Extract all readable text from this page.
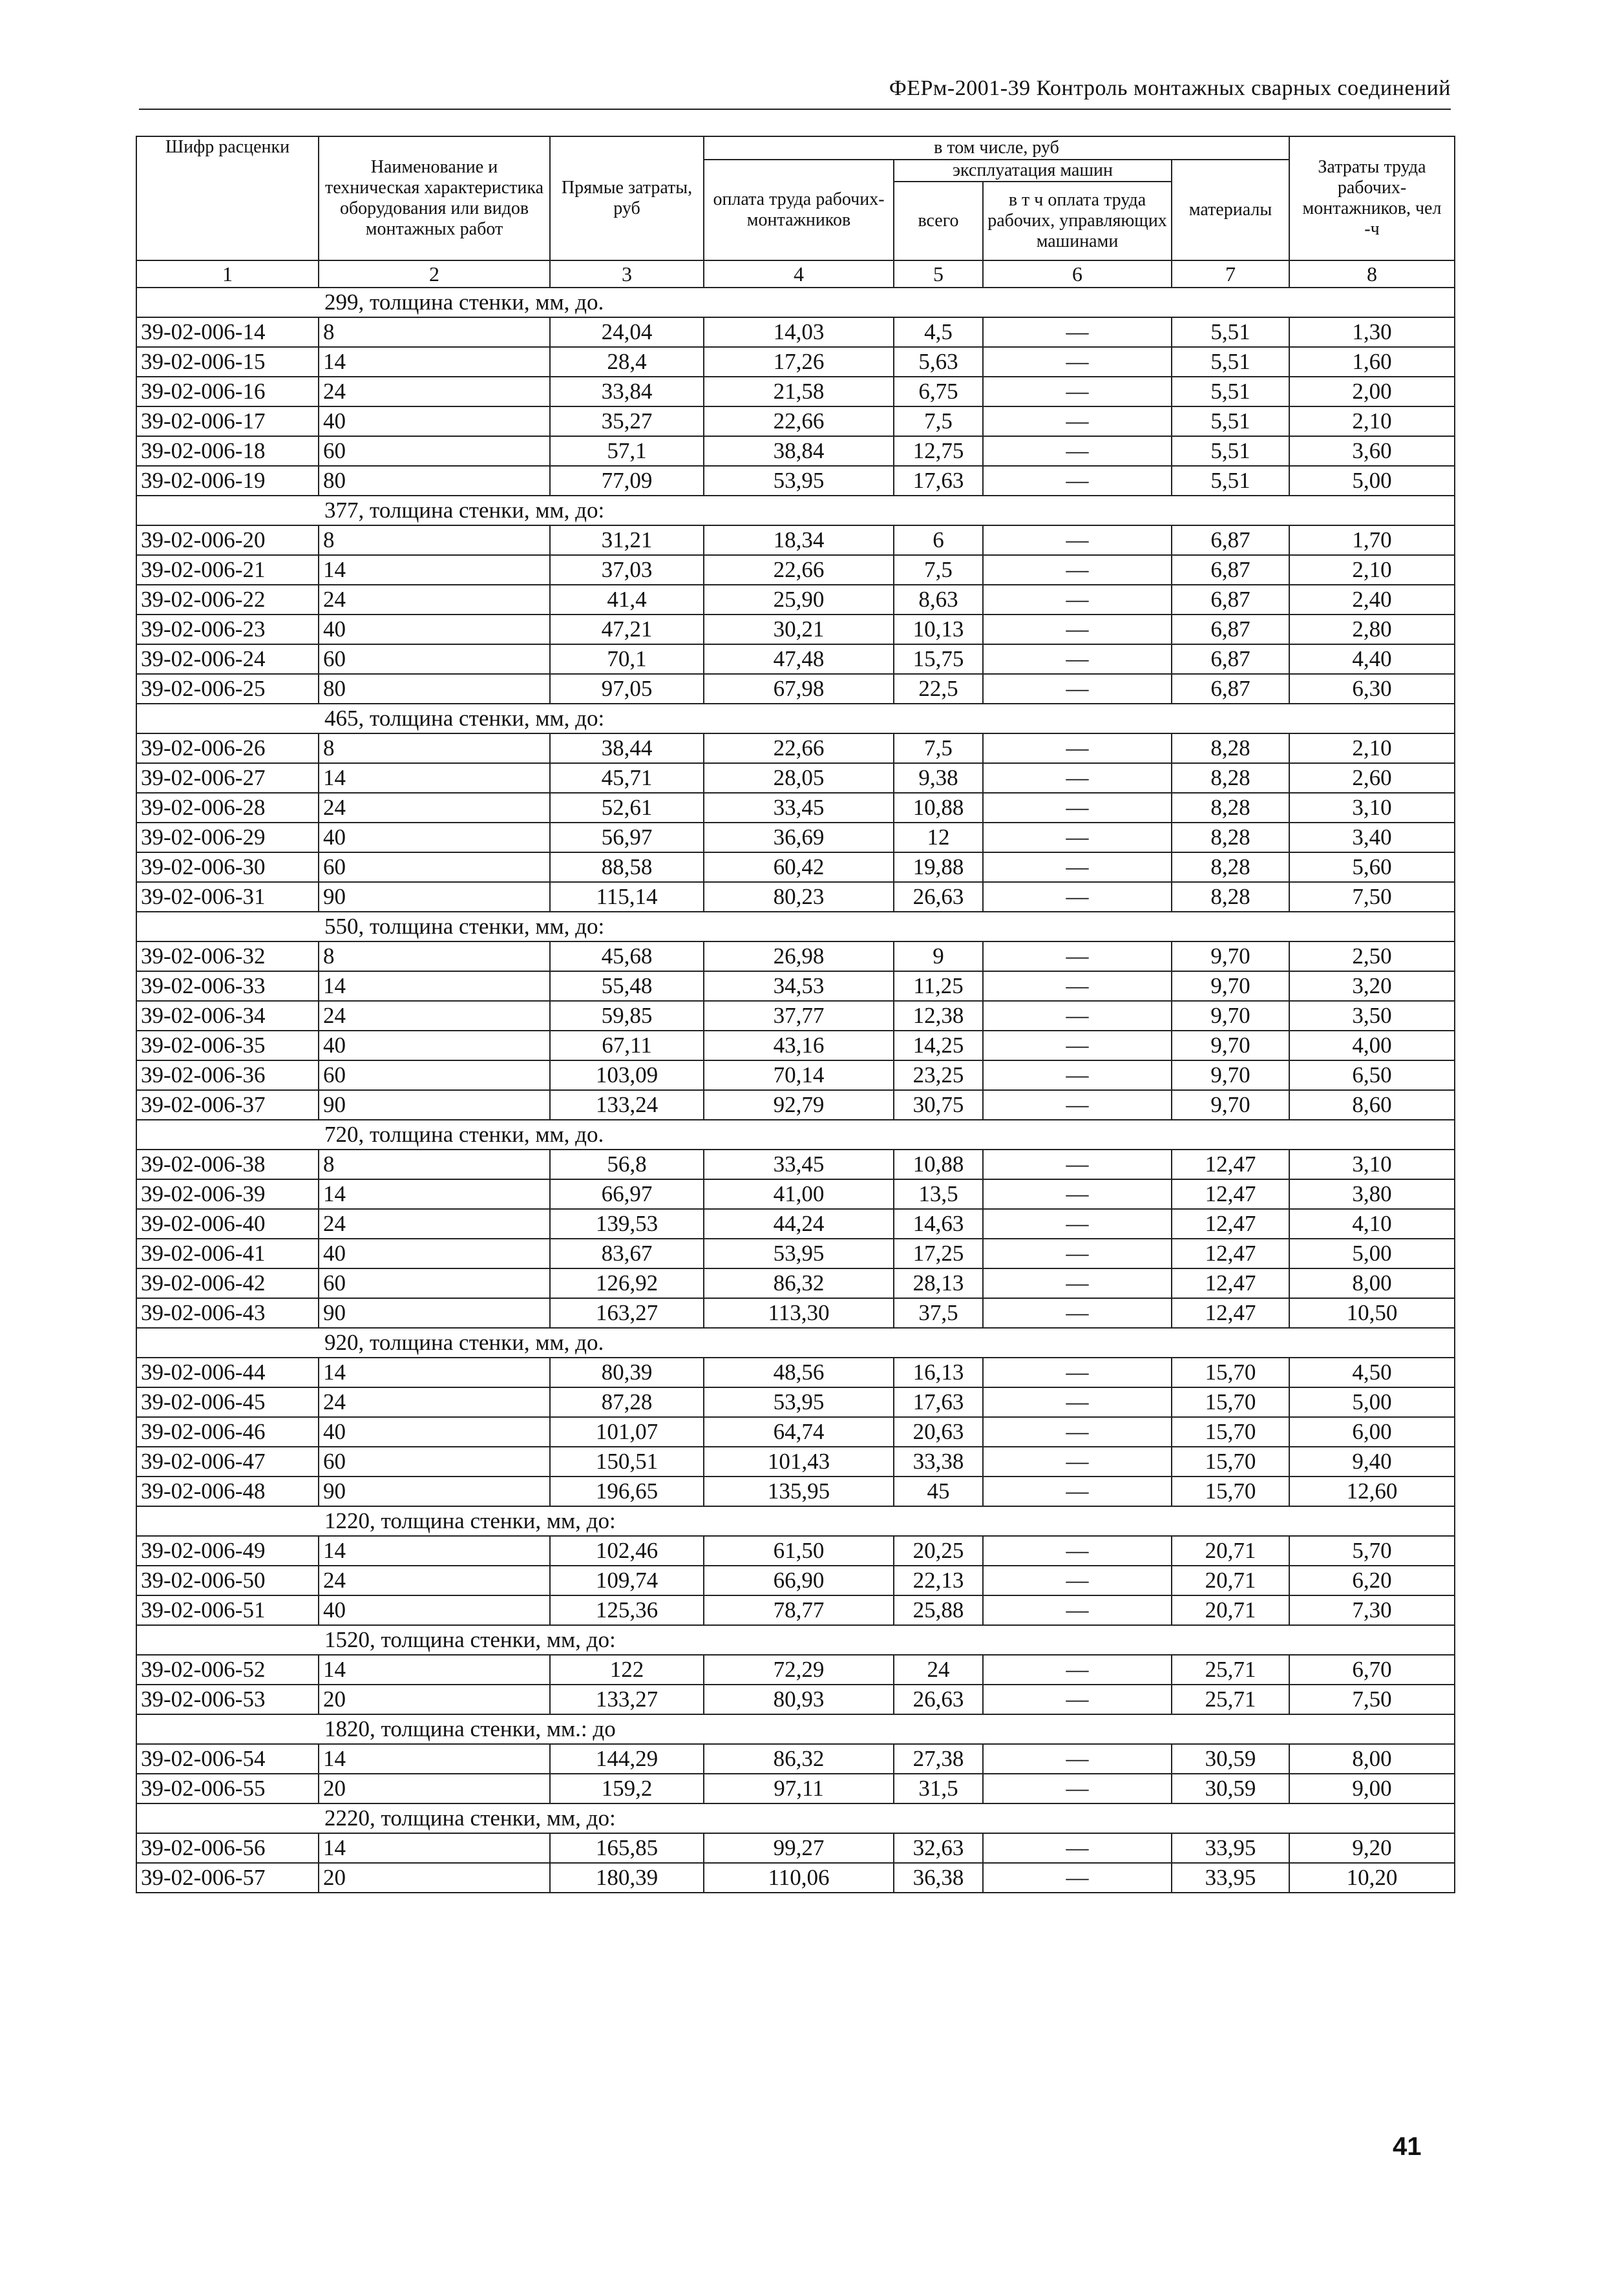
ФЕРм-2001-39 Контроль монтажных сварных соединений
Шифр расценки	Наименование и техническая характеристика оборудования или видов монтажных работ	Прямые затраты, руб	в том числе, руб				Затраты труда рабочих-монтажников, чел -ч
			оплата труда рабочих-монтажников	эксплуатация машин		материалы	
				всего	в т ч оплата труда рабочих, управляющих машинами		
1	2	3	4	5	6	7	8
299, толщина стенки, мм, до.							
39-02-006-14	8	24,04	14,03	4,5	—	5,51	1,30
39-02-006-15	14	28,4	17,26	5,63	—	5,51	1,60
39-02-006-16	24	33,84	21,58	6,75	—	5,51	2,00
39-02-006-17	40	35,27	22,66	7,5	—	5,51	2,10
39-02-006-18	60	57,1	38,84	12,75	—	5,51	3,60
39-02-006-19	80	77,09	53,95	17,63	—	5,51	5,00
377, толщина стенки, мм, до:							
39-02-006-20	8	31,21	18,34	6	—	6,87	1,70
39-02-006-21	14	37,03	22,66	7,5	—	6,87	2,10
39-02-006-22	24	41,4	25,90	8,63	—	6,87	2,40
39-02-006-23	40	47,21	30,21	10,13	—	6,87	2,80
39-02-006-24	60	70,1	47,48	15,75	—	6,87	4,40
39-02-006-25	80	97,05	67,98	22,5	—	6,87	6,30
465, толщина стенки, мм, до:							
39-02-006-26	8	38,44	22,66	7,5	—	8,28	2,10
39-02-006-27	14	45,71	28,05	9,38	—	8,28	2,60
39-02-006-28	24	52,61	33,45	10,88	—	8,28	3,10
39-02-006-29	40	56,97	36,69	12	—	8,28	3,40
39-02-006-30	60	88,58	60,42	19,88	—	8,28	5,60
39-02-006-31	90	115,14	80,23	26,63	—	8,28	7,50
550, толщина стенки, мм, до:							
39-02-006-32	8	45,68	26,98	9	—	9,70	2,50
39-02-006-33	14	55,48	34,53	11,25	—	9,70	3,20
39-02-006-34	24	59,85	37,77	12,38	—	9,70	3,50
39-02-006-35	40	67,11	43,16	14,25	—	9,70	4,00
39-02-006-36	60	103,09	70,14	23,25	—	9,70	6,50
39-02-006-37	90	133,24	92,79	30,75	—	9,70	8,60
720, толщина стенки, мм, до.							
39-02-006-38	8	56,8	33,45	10,88	—	12,47	3,10
39-02-006-39	14	66,97	41,00	13,5	—	12,47	3,80
39-02-006-40	24	139,53	44,24	14,63	—	12,47	4,10
39-02-006-41	40	83,67	53,95	17,25	—	12,47	5,00
39-02-006-42	60	126,92	86,32	28,13	—	12,47	8,00
39-02-006-43	90	163,27	113,30	37,5	—	12,47	10,50
920, толщина стенки, мм, до.							
39-02-006-44	14	80,39	48,56	16,13	—	15,70	4,50
39-02-006-45	24	87,28	53,95	17,63	—	15,70	5,00
39-02-006-46	40	101,07	64,74	20,63	—	15,70	6,00
39-02-006-47	60	150,51	101,43	33,38	—	15,70	9,40
39-02-006-48	90	196,65	135,95	45	—	15,70	12,60
1220, толщина стенки, мм, до:							
39-02-006-49	14	102,46	61,50	20,25	—	20,71	5,70
39-02-006-50	24	109,74	66,90	22,13	—	20,71	6,20
39-02-006-51	40	125,36	78,77	25,88	—	20,71	7,30
1520, толщина стенки, мм, до:							
39-02-006-52	14	122	72,29	24	—	25,71	6,70
39-02-006-53	20	133,27	80,93	26,63	—	25,71	7,50
1820, толщина стенки, мм.: до							
39-02-006-54	14	144,29	86,32	27,38	—	30,59	8,00
39-02-006-55	20	159,2	97,11	31,5	—	30,59	9,00
2220, толщина стенки, мм, до:							
39-02-006-56	14	165,85	99,27	32,63	—	33,95	9,20
39-02-006-57	20	180,39	110,06	36,38	—	33,95	10,20
41
